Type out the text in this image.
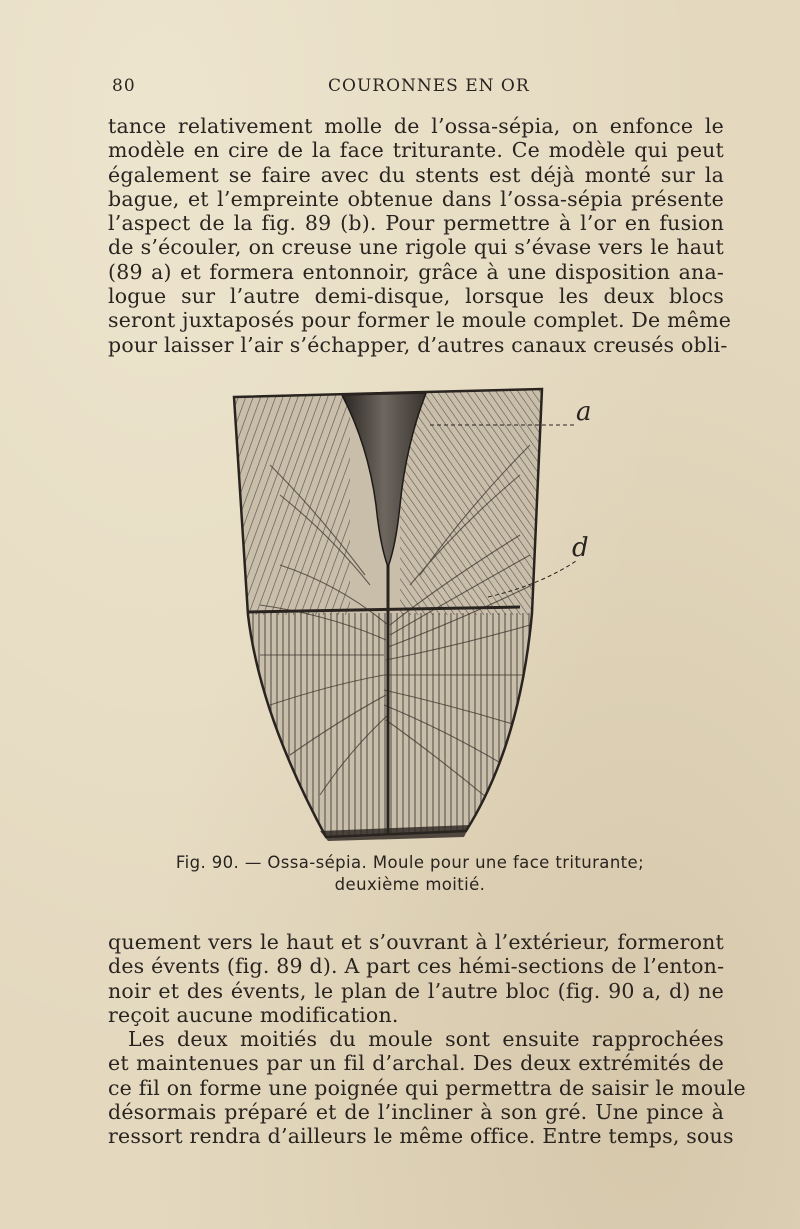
80	COURONNES EN OR
tance relativement molle de l’ossa-sépia, on enfonce le
modèle en cire de la face triturante. Ce modèle qui peut
également se faire avec du stents est déjà monté sur la
bague, et l’empreinte obtenue dans l’ossa-sépia présente
l’aspect de la fig. 89 (b). Pour permettre à l’or en fusion
de s’écouler, on creuse une rigole qui s’évase vers le haut
(89 a) et formera entonnoir, grâce à une disposition ana-
logue sur l’autre demi-disque, lorsque les deux blocs
seront juxtaposés pour former le moule complet. De même
pour laisser l’air s’échapper, d’autres canaux creusés obli-
a
d
Fig. 90. — Ossa-sépia. Moule pour une face triturante;
deuxième moitié.
quement vers le haut et s’ouvrant à l’extérieur, formeront
des évents (fig. 89 d). A part ces hémi-sections de l’enton-
noir et des évents, le plan de l’autre bloc (fig. 90 a, d) ne
reçoit aucune modification.
Les deux moitiés du moule sont ensuite rapprochées
et maintenues par un fil d’archal. Des deux extrémités de
ce fil on forme une poignée qui permettra de saisir le moule
désormais préparé et de l’incliner à son gré. Une pince à
ressort rendra d’ailleurs le même office. Entre temps, sous
